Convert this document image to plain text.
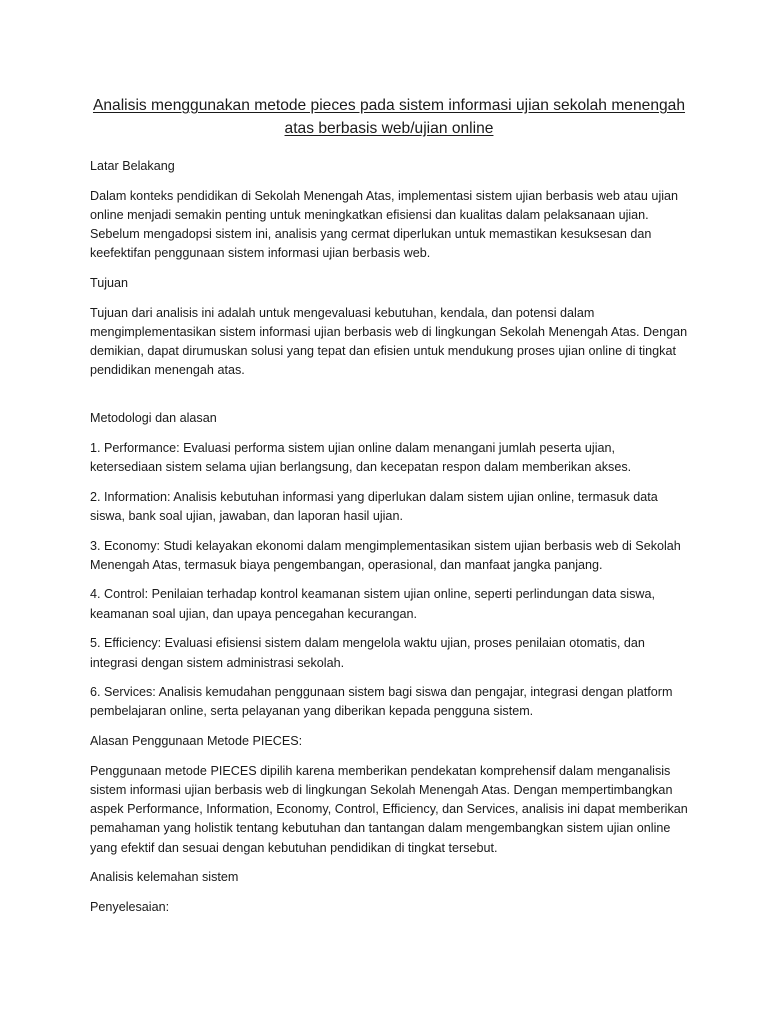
Analisis menggunakan metode pieces pada sistem informasi ujian sekolah menengah atas berbasis web/ujian online

Latar Belakang

Dalam konteks pendidikan di Sekolah Menengah Atas, implementasi sistem ujian berbasis web atau ujian online menjadi semakin penting untuk meningkatkan efisiensi dan kualitas dalam pelaksanaan ujian. Sebelum mengadopsi sistem ini, analisis yang cermat diperlukan untuk memastikan kesuksesan dan keefektifan penggunaan sistem informasi ujian berbasis web.

Tujuan

Tujuan dari analisis ini adalah untuk mengevaluasi kebutuhan, kendala, dan potensi dalam mengimplementasikan sistem informasi ujian berbasis web di lingkungan Sekolah Menengah Atas. Dengan demikian, dapat dirumuskan solusi yang tepat dan efisien untuk mendukung proses ujian online di tingkat pendidikan menengah atas.

Metodologi dan alasan

1. Performance: Evaluasi performa sistem ujian online dalam menangani jumlah peserta ujian, ketersediaan sistem selama ujian berlangsung, dan kecepatan respon dalam memberikan akses.

2. Information: Analisis kebutuhan informasi yang diperlukan dalam sistem ujian online, termasuk data siswa, bank soal ujian, jawaban, dan laporan hasil ujian.

3. Economy: Studi kelayakan ekonomi dalam mengimplementasikan sistem ujian berbasis web di Sekolah Menengah Atas, termasuk biaya pengembangan, operasional, dan manfaat jangka panjang.

4. Control: Penilaian terhadap kontrol keamanan sistem ujian online, seperti perlindungan data siswa, keamanan soal ujian, dan upaya pencegahan kecurangan.

5. Efficiency: Evaluasi efisiensi sistem dalam mengelola waktu ujian, proses penilaian otomatis, dan integrasi dengan sistem administrasi sekolah.

6. Services: Analisis kemudahan penggunaan sistem bagi siswa dan pengajar, integrasi dengan platform pembelajaran online, serta pelayanan yang diberikan kepada pengguna sistem.

Alasan Penggunaan Metode PIECES:

Penggunaan metode PIECES dipilih karena memberikan pendekatan komprehensif dalam menganalisis sistem informasi ujian berbasis web di lingkungan Sekolah Menengah Atas. Dengan mempertimbangkan aspek Performance, Information, Economy, Control, Efficiency, dan Services, analisis ini dapat memberikan pemahaman yang holistik tentang kebutuhan dan tantangan dalam mengembangkan sistem ujian online yang efektif dan sesuai dengan kebutuhan pendidikan di tingkat tersebut.

Analisis kelemahan sistem

Penyelesaian:
